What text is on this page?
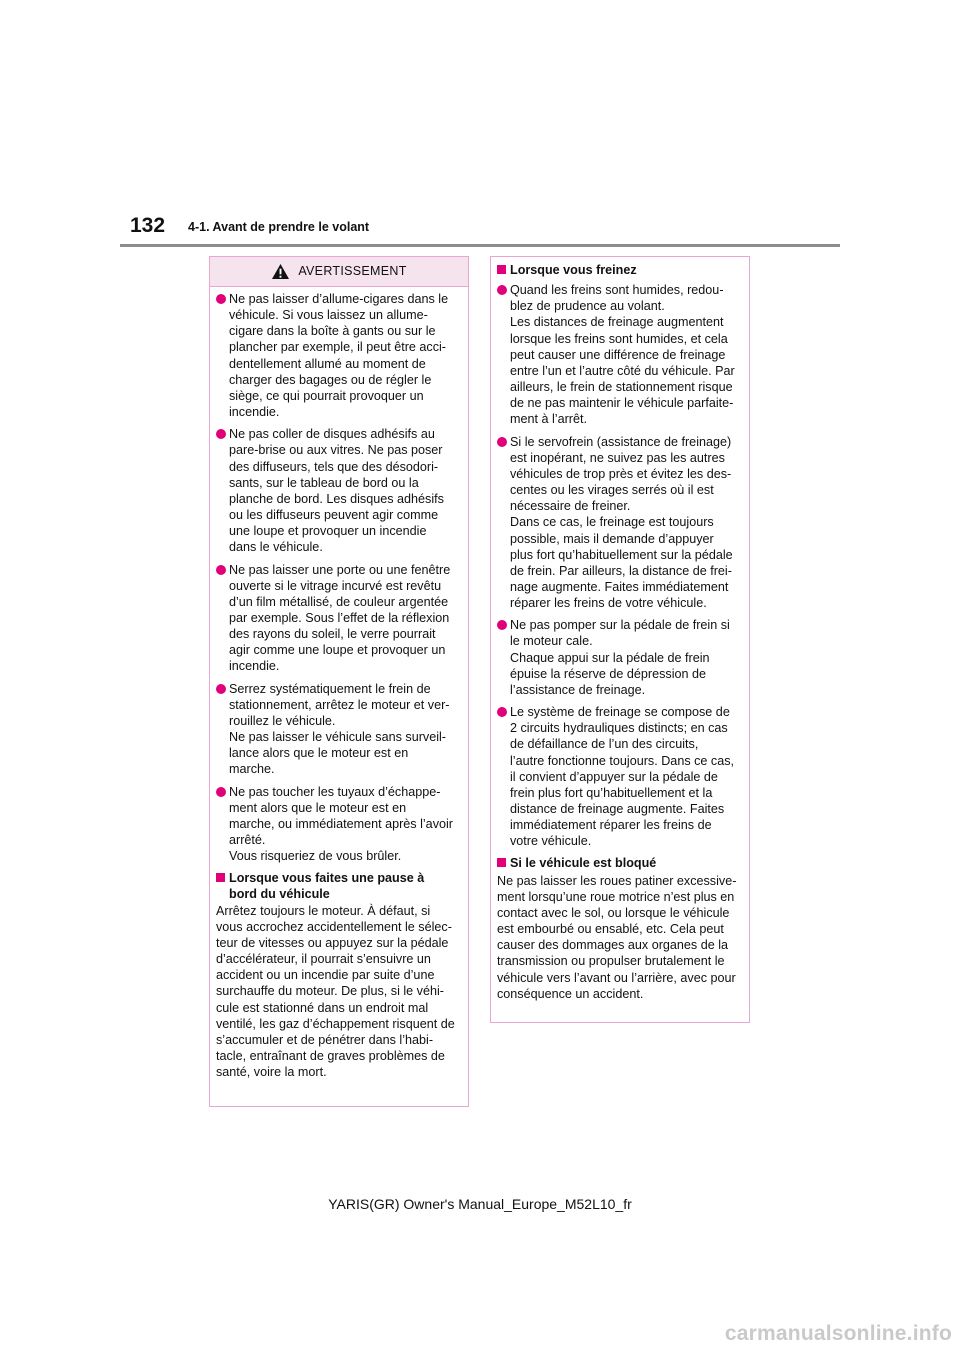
132 4-1. Avant de prendre le volant
AVERTISSEMENT
Ne pas laisser d’allume-cigares dans le
véhicule. Si vous laissez un allume-
cigare dans la boîte à gants ou sur le
plancher par exemple, il peut être acci-
dentellement allumé au moment de
charger des bagages ou de régler le
siège, ce qui pourrait provoquer un
incendie.
Ne pas coller de disques adhésifs au
pare-brise ou aux vitres. Ne pas poser
des diffuseurs, tels que des désodori-
sants, sur le tableau de bord ou la
planche de bord. Les disques adhésifs
ou les diffuseurs peuvent agir comme
une loupe et provoquer un incendie
dans le véhicule.
Ne pas laisser une porte ou une fenêtre
ouverte si le vitrage incurvé est revêtu
d’un film métallisé, de couleur argentée
par exemple. Sous l’effet de la réflexion
des rayons du soleil, le verre pourrait
agir comme une loupe et provoquer un
incendie.
Serrez systématiquement le frein de
stationnement, arrêtez le moteur et ver-
rouillez le véhicule.
Ne pas laisser le véhicule sans surveil-
lance alors que le moteur est en
marche.
Ne pas toucher les tuyaux d’échappe-
ment alors que le moteur est en
marche, ou immédiatement après l’avoir
arrêté.
Vous risqueriez de vous brûler.
Lorsque vous faites une pause à
bord du véhicule
Arrêtez toujours le moteur. À défaut, si
vous accrochez accidentellement le sélec-
teur de vitesses ou appuyez sur la pédale
d’accélérateur, il pourrait s’ensuivre un
accident ou un incendie par suite d’une
surchauffe du moteur. De plus, si le véhi-
cule est stationné dans un endroit mal
ventilé, les gaz d’échappement risquent de
s’accumuler et de pénétrer dans l’habi-
tacle, entraînant de graves problèmes de
santé, voire la mort.
Lorsque vous freinez
Quand les freins sont humides, redou-
blez de prudence au volant.
Les distances de freinage augmentent
lorsque les freins sont humides, et cela
peut causer une différence de freinage
entre l’un et l’autre côté du véhicule. Par
ailleurs, le frein de stationnement risque
de ne pas maintenir le véhicule parfaite-
ment à l’arrêt.
Si le servofrein (assistance de freinage)
est inopérant, ne suivez pas les autres
véhicules de trop près et évitez les des-
centes ou les virages serrés où il est
nécessaire de freiner.
Dans ce cas, le freinage est toujours
possible, mais il demande d’appuyer
plus fort qu’habituellement sur la pédale
de frein. Par ailleurs, la distance de frei-
nage augmente. Faites immédiatement
réparer les freins de votre véhicule.
Ne pas pomper sur la pédale de frein si
le moteur cale.
Chaque appui sur la pédale de frein
épuise la réserve de dépression de
l’assistance de freinage.
Le système de freinage se compose de
2 circuits hydrauliques distincts; en cas
de défaillance de l’un des circuits,
l’autre fonctionne toujours. Dans ce cas,
il convient d’appuyer sur la pédale de
frein plus fort qu’habituellement et la
distance de freinage augmente. Faites
immédiatement réparer les freins de
votre véhicule.
Si le véhicule est bloqué
Ne pas laisser les roues patiner excessive-
ment lorsqu’une roue motrice n’est plus en
contact avec le sol, ou lorsque le véhicule
est embourbé ou ensablé, etc. Cela peut
causer des dommages aux organes de la
transmission ou propulser brutalement le
véhicule vers l’avant ou l’arrière, avec pour
conséquence un accident.
YARIS(GR) Owner's Manual_Europe_M52L10_fr
carmanualsonline.info
